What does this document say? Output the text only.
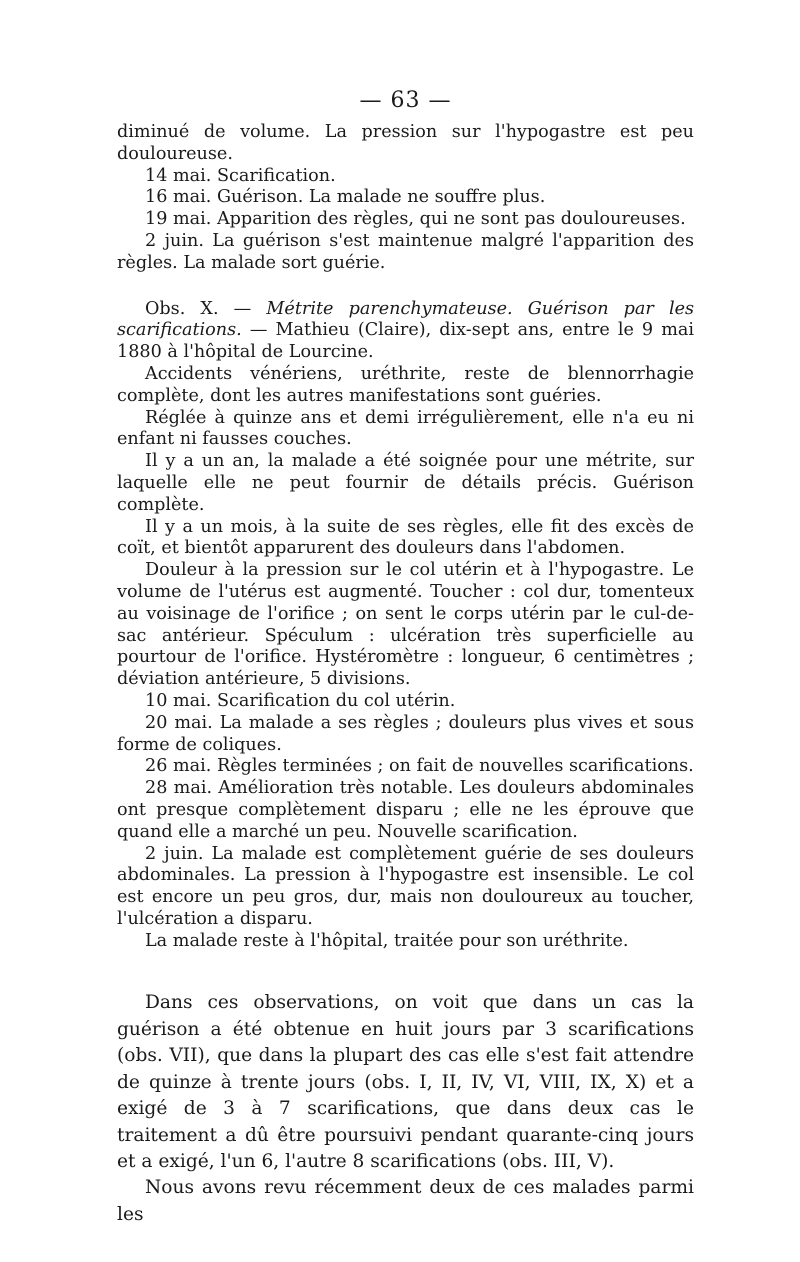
— 63 —

diminué de volume. La pression sur l'hypogastre est peu douloureuse.

14 mai. Scarification.

16 mai. Guérison. La malade ne souffre plus.

19 mai. Apparition des règles, qui ne sont pas douloureuses.

2 juin. La guérison s'est maintenue malgré l'apparition des règles. La malade sort guérie.

Obs. X. — Métrite parenchymateuse. Guérison par les scarifications. — Mathieu (Claire), dix-sept ans, entre le 9 mai 1880 à l'hôpital de Lourcine.

Accidents vénériens, uréthrite, reste de blennorrhagie complète, dont les autres manifestations sont guéries.

Réglée à quinze ans et demi irrégulièrement, elle n'a eu ni enfant ni fausses couches.

Il y a un an, la malade a été soignée pour une métrite, sur laquelle elle ne peut fournir de détails précis. Guérison complète.

Il y a un mois, à la suite de ses règles, elle fit des excès de coït, et bientôt apparurent des douleurs dans l'abdomen.

Douleur à la pression sur le col utérin et à l'hypogastre. Le volume de l'utérus est augmenté. Toucher : col dur, tomenteux au voisinage de l'orifice ; on sent le corps utérin par le cul-de-sac antérieur. Spéculum : ulcération très superficielle au pourtour de l'orifice. Hystéromètre : longueur, 6 centimètres ; déviation antérieure, 5 divisions.

10 mai. Scarification du col utérin.

20 mai. La malade a ses règles ; douleurs plus vives et sous forme de coliques.

26 mai. Règles terminées ; on fait de nouvelles scarifications.

28 mai. Amélioration très notable. Les douleurs abdominales ont presque complètement disparu ; elle ne les éprouve que quand elle a marché un peu. Nouvelle scarification.

2 juin. La malade est complètement guérie de ses douleurs abdominales. La pression à l'hypogastre est insensible. Le col est encore un peu gros, dur, mais non douloureux au toucher, l'ulcération a disparu.

La malade reste à l'hôpital, traitée pour son uréthrite.

Dans ces observations, on voit que dans un cas la guérison a été obtenue en huit jours par 3 scarifications (obs. VII), que dans la plupart des cas elle s'est fait attendre de quinze à trente jours (obs. I, II, IV, VI, VIII, IX, X) et a exigé de 3 à 7 scarifications, que dans deux cas le traitement a dû être poursuivi pendant quarante-cinq jours et a exigé, l'un 6, l'autre 8 scarifications (obs. III, V).

Nous avons revu récemment deux de ces malades parmi les
